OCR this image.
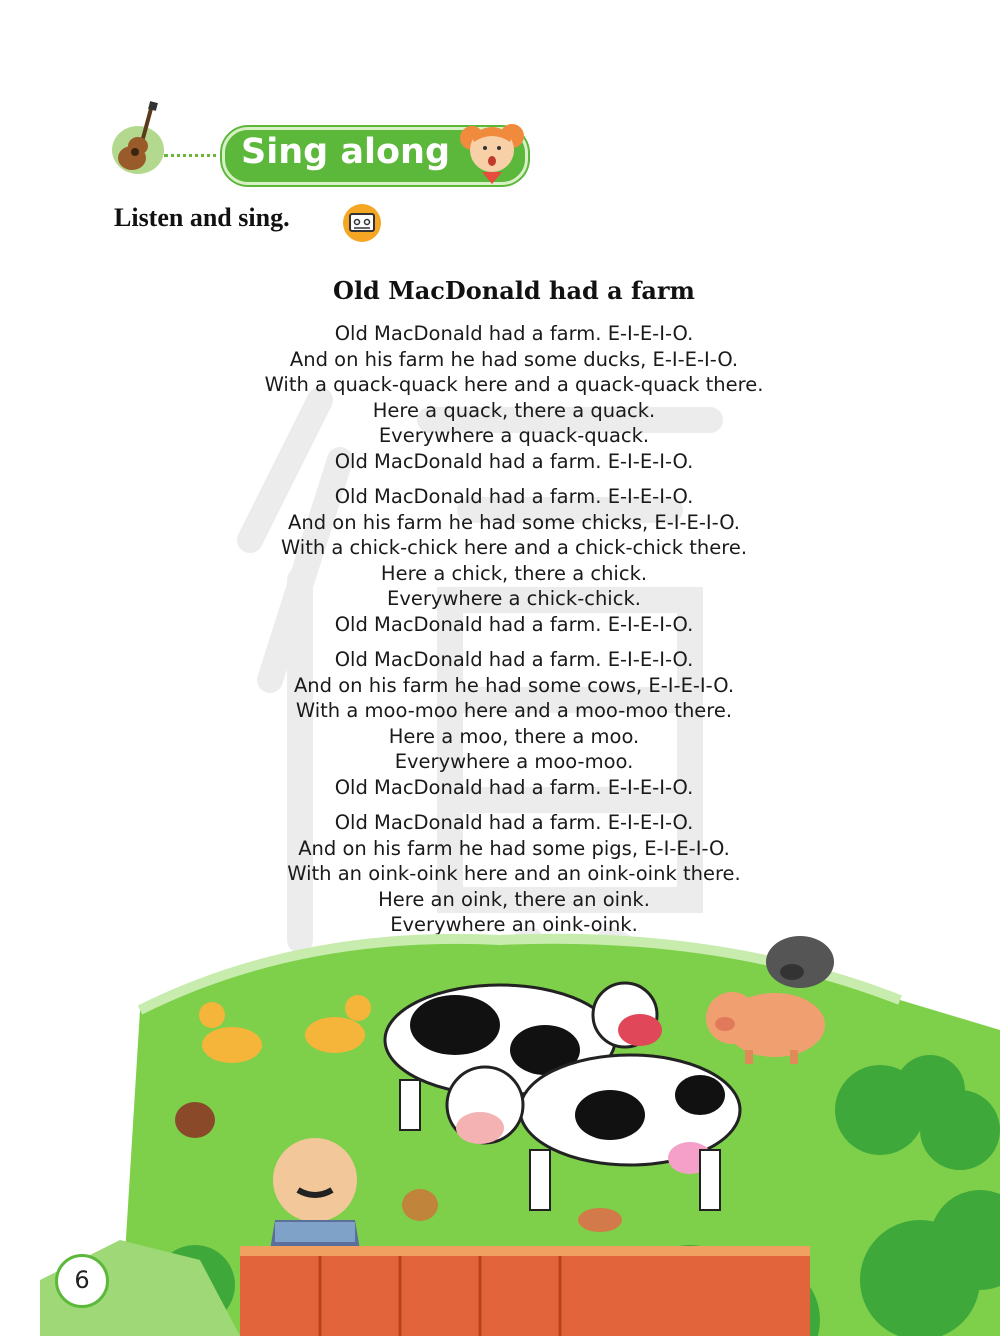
Sing along
Listen and sing.
Old MacDonald had a farm
Old MacDonald had a farm. E-I-E-I-O.
And on his farm he had some ducks, E-I-E-I-O.
With a quack-quack here and a quack-quack there.
Here a quack, there a quack.
Everywhere a quack-quack.
Old MacDonald had a farm. E-I-E-I-O.
Old MacDonald had a farm. E-I-E-I-O.
And on his farm he had some chicks, E-I-E-I-O.
With a chick-chick here and a chick-chick there.
Here a chick, there a chick.
Everywhere a chick-chick.
Old MacDonald had a farm. E-I-E-I-O.
Old MacDonald had a farm. E-I-E-I-O.
And on his farm he had some cows, E-I-E-I-O.
With a moo-moo here and a moo-moo there.
Here a moo, there a moo.
Everywhere a moo-moo.
Old MacDonald had a farm. E-I-E-I-O.
Old MacDonald had a farm. E-I-E-I-O.
And on his farm he had some pigs, E-I-E-I-O.
With an oink-oink here and an oink-oink there.
Here an oink, there an oink.
Everywhere an oink-oink.
6
